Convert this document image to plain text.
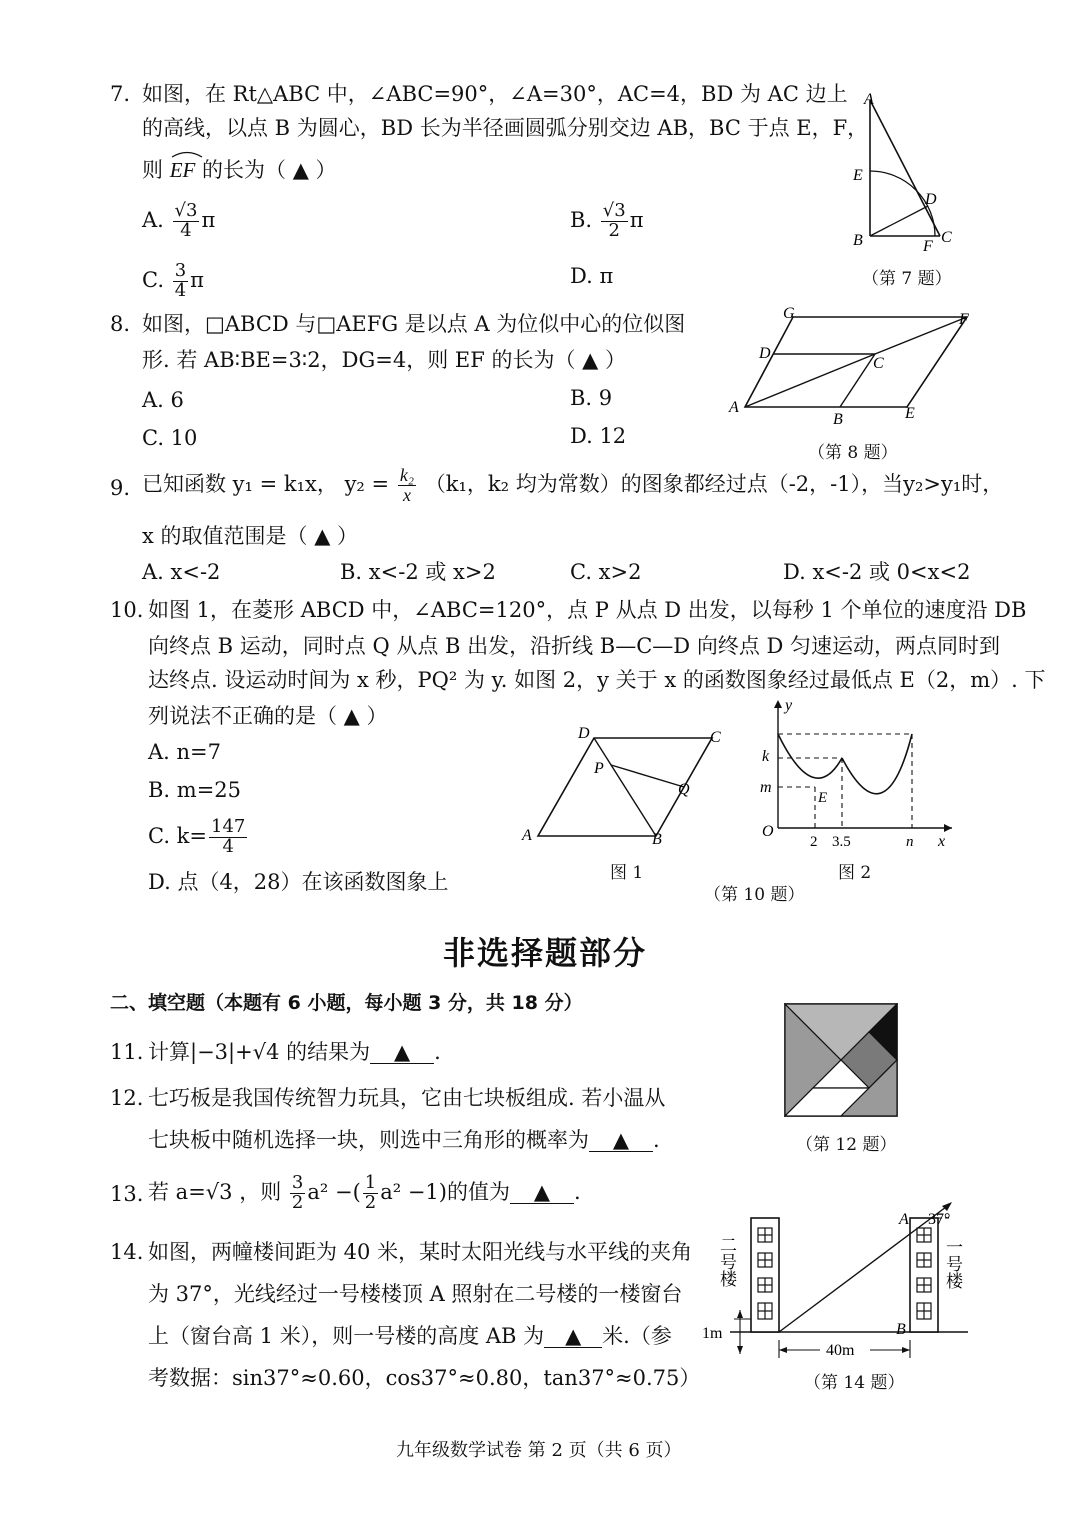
7. 如图，在 Rt△ABC 中，∠ABC=90°，∠A=30°，AC=4，BD 为 AC 边上
的高线，以点 B 为圆心，BD 长为半径画圆弧分别交边 AB，BC 于点 E，F，
则 EF 的长为（ ▲ ）
A. $\frac{√3}{4}$ π	B. $\frac{√3}{2}$ π
C. $\frac{3}{4}$ π	D. π
A
E
D
B	F
C
（第 7 题）
8. 如图，□ABCD 与□AEFG 是以点 A 为位似中心的位似图
形. 若 AB∶BE=3∶2，DG=4，则 EF 的长为（ ▲ ）
A. 6	B. 9
C. 10	D. 12
G	F
D
C
A
B	E
（第 8 题）
9. 已知函数 y₁ = k₁x， $y_2 = \frac{\text{k₂}}{x} (k_1$，k₂ 均为常数）的图象都经过点（-2，-1），当y₂>y₁时，
x 的取值范围是（ ▲ ）
A. x<-2	B. x<-2 或 x>2	C. x>2	D. x<-2 或 0<x<2
10. 如图 1，在菱形 ABCD 中，∠ABC=120°，点 P 从点 D 出发，以每秒 1 个单位的速度沿 DB
向终点 B 运动，同时点 Q 从点 B 出发，沿折线 B—C—D 向终点 D 匀速运动，两点同时到
达终点. 设运动时间为 x 秒，PQ² 为 y. 如图 2，y 关于 x 的函数图象经过最低点 E（2，m）. 下
列说法不正确的是（ ▲ ）
A. n=7
B. m=25
C. $k= \frac{147}{4}$
D. 点（4，28）在该函数图象上
D	C
P
Q
A	B
图 1
y
k
m
E
O
2 3.5	n x
图 2
（第 10 题）
非选择题部分
二、填空题（本题有 6 小题，每小题 3 分，共 18 分）
11. 计算|−3|+√4 的结果为 ▲ .
12. 七巧板是我国传统智力玩具，它由七块板组成. 若小温从
七块板中随机选择一块，则选中三角形的概率为 ▲ .	（第 12 题）
13. 若 a=√3 ，则 $\frac{3}{2} a^2$ −( $\frac{1}{2} a^2 -1$)的值为 ▲ .
14. 如图，两幢楼间距为 40 米，某时太阳光线与水平线的夹角
为 37°，光线经过一号楼楼顶 A 照射在二号楼的一楼窗台
上（窗台高 1 米），则一号楼的高度 AB 为 ▲ 米.（参
考数据：sin37°≈0.60，cos37°≈0.80，tan37°≈0.75）
二号楼	一号楼
1m
40m
37°
A
B
（第 14 题）
九年级数学试卷 第 2 页（共 6 页）
